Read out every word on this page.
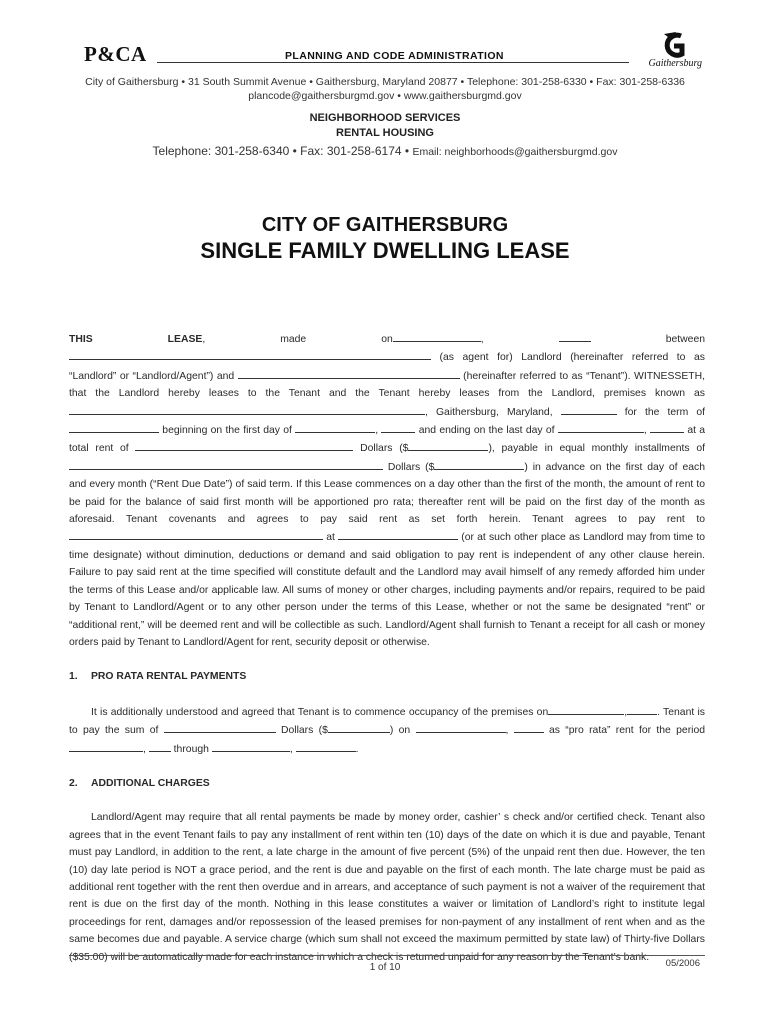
P&CA	PLANNING AND CODE ADMINISTRATION
Gaithersburg
City of Gaithersburg • 31 South Summit Avenue • Gaithersburg, Maryland 20877 • Telephone: 301-258-6330 • Fax: 301-258-6336
plancode@gaithersburgmd.gov • www.gaithersburgmd.gov
NEIGHBORHOOD SERVICES
RENTAL HOUSING
Telephone: 301-258-6340 • Fax: 301-258-6174 • Email: neighborhoods@gaithersburgmd.gov
CITY OF GAITHERSBURG
SINGLE FAMILY DWELLING LEASE

THIS LEASE, made on	,	between  (as agent for) Landlord (hereinafter referred to as “Landlord” or “Landlord/Agent”) and	(hereinafter referred to as “Tenant”). WITNESSETH, that the Landlord hereby leases to the Tenant and the Tenant hereby leases from the Landlord, premises known as , Gaithersburg, Maryland,	for the term of  beginning on the first day of	,	and ending on the last day of	,	at a total rent of	Dollars ($	), payable in equal monthly installments of  Dollars ($	) in advance on the first day of each and every month (“Rent Due Date”) of said term. If this Lease commences on a day other than the first of the month, the amount of rent to be paid for the balance of said first month will be apportioned pro rata; thereafter rent will be paid on the first day of the month as aforesaid. Tenant covenants and agrees to pay said rent as set forth herein. Tenant agrees to pay rent to  at	(or at such other place as Landlord may from time to time designate) without diminution, deductions or demand and said obligation to pay rent is independent of any other clause herein. Failure to pay said rent at the time specified will constitute default and the Landlord may avail himself of any remedy afforded him under the terms of this Lease and/or applicable law. All sums of money or other charges, including payments and/or repairs, required to be paid by Tenant to Landlord/Agent or to any other person under the terms of this Lease, whether or not the same be designated “rent” or “additional rent,” will be deemed rent and will be collectible as such. Landlord/Agent shall furnish to Tenant a receipt for all cash or money orders paid by Tenant to Landlord/Agent for rent, security deposit or otherwise.

1. PRO RATA RENTAL PAYMENTS

It is additionally understood and agreed that Tenant is to commence occupancy of the premises on	,	. Tenant is to pay the sum of	Dollars ($	) on	,	as “pro rata” rent for the period ,	through	,	.

2. ADDITIONAL CHARGES

Landlord/Agent may require that all rental payments be made by money order, cashier’ s check and/or certified check. Tenant also agrees that in the event Tenant fails to pay any installment of rent within ten (10) days of the date on which it is due and payable, Tenant must pay Landlord, in addition to the rent, a late charge in the amount of five percent (5%) of the unpaid rent then due. However, the ten (10) day late period is NOT a grace period, and the rent is due and payable on the first of each month. The late charge must be paid as additional rent together with the rent then overdue and in arrears, and acceptance of such payment is not a waiver of the requirement that rent is due on the first day of the month. Nothing in this lease constitutes a waiver or limitation of Landlord’s right to institute legal proceedings for rent, damages and/or repossession of the leased premises for non-payment of any installment of rent when and as the same becomes due and payable. A service charge (which sum shall not exceed the maximum permitted by state law) of Thirty-five Dollars ($35.00) will be automatically made for each instance in which a check is returned unpaid for any reason by the Tenant’s bank.

1 of 10	05/2006
